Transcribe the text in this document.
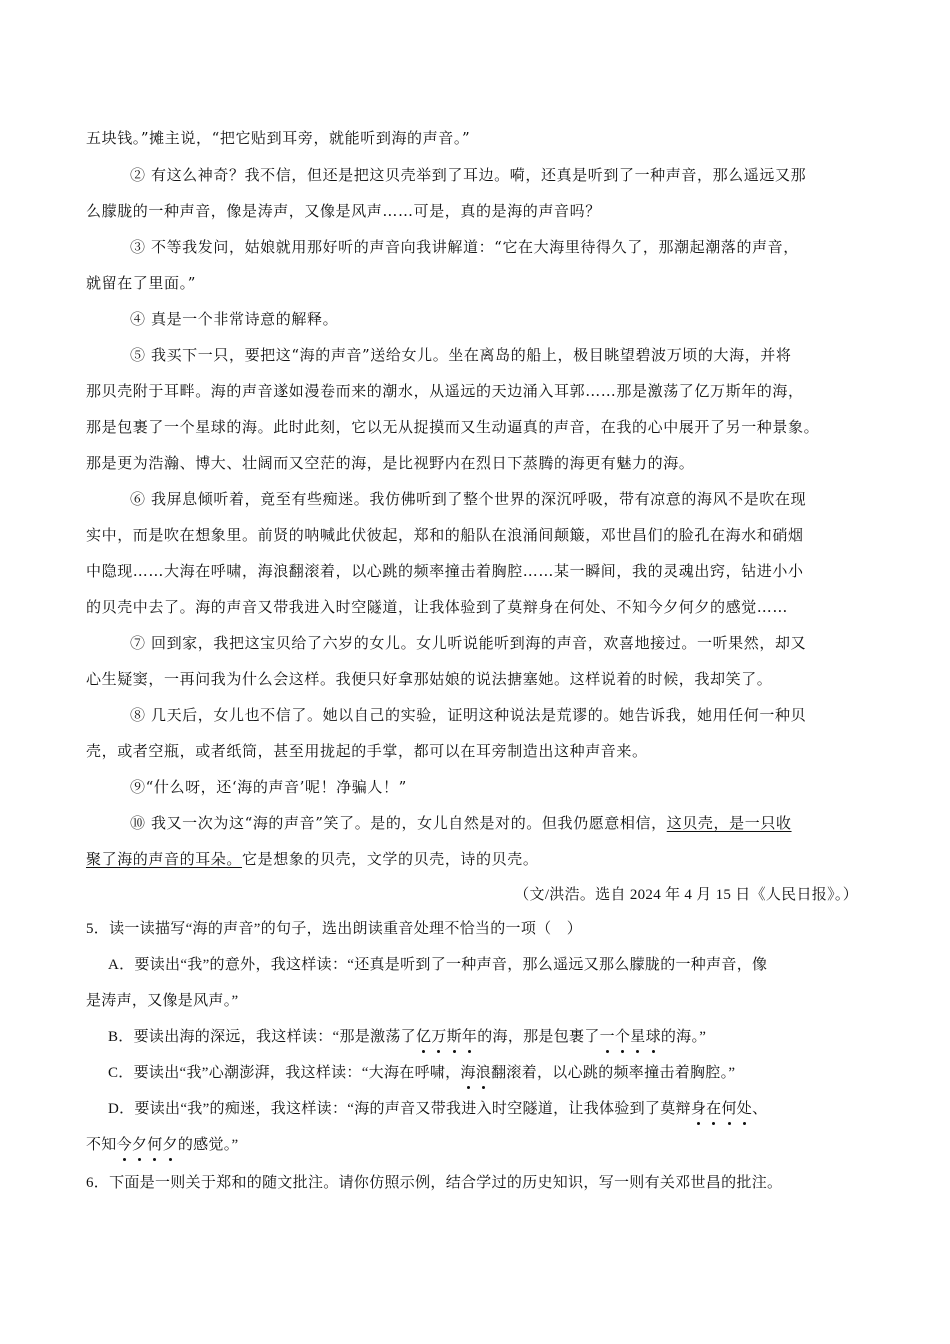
五块钱。”摊主说，“把它贴到耳旁，就能听到海的声音。”
② 有这么神奇？我不信，但还是把这贝壳举到了耳边。嗬，还真是听到了一种声音，那么遥远又那
么朦胧的一种声音，像是涛声，又像是风声……可是，真的是海的声音吗？
③ 不等我发问，姑娘就用那好听的声音向我讲解道：“它在大海里待得久了，那潮起潮落的声音，
就留在了里面。”
④ 真是一个非常诗意的解释。
⑤ 我买下一只，要把这“海的声音”送给女儿。坐在离岛的船上，极目眺望碧波万顷的大海，并将
那贝壳附于耳畔。海的声音遂如漫卷而来的潮水，从遥远的天边涌入耳郭……那是激荡了亿万斯年的海，
那是包裹了一个星球的海。此时此刻，它以无从捉摸而又生动逼真的声音，在我的心中展开了另一种景象。
那是更为浩瀚、博大、壮阔而又空茫的海，是比视野内在烈日下蒸腾的海更有魅力的海。
⑥ 我屏息倾听着，竟至有些痴迷。我仿佛听到了整个世界的深沉呼吸，带有凉意的海风不是吹在现
实中，而是吹在想象里。前贤的呐喊此伏彼起，郑和的船队在浪涌间颠簸，邓世昌们的脸孔在海水和硝烟
中隐现……大海在呼啸，海浪翻滚着，以心跳的频率撞击着胸腔……某一瞬间，我的灵魂出窍，钻进小小
的贝壳中去了。海的声音又带我进入时空隧道，让我体验到了莫辩身在何处、不知今夕何夕的感觉……
⑦ 回到家，我把这宝贝给了六岁的女儿。女儿听说能听到海的声音，欢喜地接过。一听果然，却又
心生疑窦，一再问我为什么会这样。我便只好拿那姑娘的说法搪塞她。这样说着的时候，我却笑了。
⑧ 几天后，女儿也不信了。她以自己的实验，证明这种说法是荒谬的。她告诉我，她用任何一种贝
壳，或者空瓶，或者纸筒，甚至用拢起的手掌，都可以在耳旁制造出这种声音来。
⑨“什么呀，还‘海的声音’呢！净骗人！”
⑩ 我又一次为这“海的声音”笑了。是的，女儿自然是对的。但我仍愿意相信，这贝壳，是一只收
聚了海的声音的耳朵。它是想象的贝壳，文学的贝壳，诗的贝壳。
（文/洪浩。选自 2024 年 4 月 15 日《人民日报》。）
5．读一读描写“海的声音”的句子，选出朗读重音处理不恰当的一项（　）
A．要读出“我”的意外，我这样读：“还真是听到了一种声音，那么遥远又那么朦胧的一种声音，像
是涛声，又像是风声。”
B．要读出海的深远，我这样读：“那是激荡了亿万斯年的海，那是包裹了一个星球的海。”
C．要读出“我”心潮澎湃，我这样读：“大海在呼啸，海浪翻滚着，以心跳的频率撞击着胸腔。”
D．要读出“我”的痴迷，我这样读：“海的声音又带我进入时空隧道，让我体验到了莫辩身在何处、
不知今夕何夕的感觉。”
6．下面是一则关于郑和的随文批注。请你仿照示例，结合学过的历史知识，写一则有关邓世昌的批注。
